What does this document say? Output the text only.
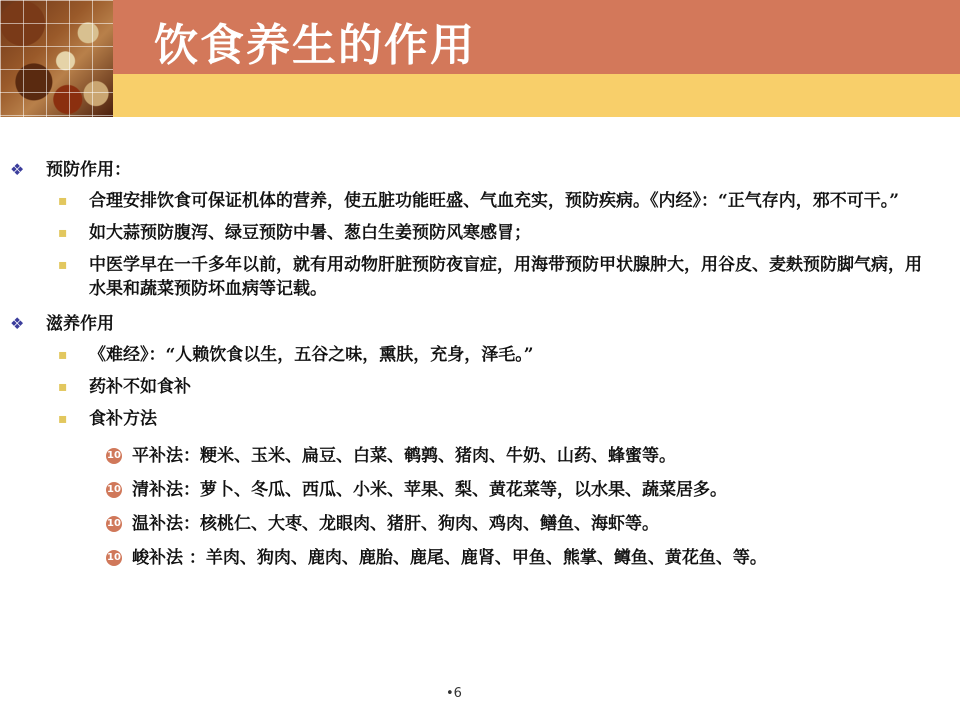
饮食养生的作用
❖ 预防作用：
▪ 合理安排饮食可保证机体的营养，使五脏功能旺盛、气血充实，预防疾病。《内经》：“正气存内，邪不可干。”
▪ 如大蒜预防腹泻、绿豆预防中暑、葱白生姜预防风寒感冒；
▪ 中医学早在一千多年以前，就有用动物肝脏预防夜盲症，用海带预防甲状腺肿大，用谷皮、麦麸预防脚气病，用水果和蔬菜预防坏血病等记载。
❖ 滋养作用
▪ 《难经》：“人赖饮食以生，五谷之味，熏肤，充身，泽毛。”
▪ 药补不如食补
▪ 食补方法
10 平补法：粳米、玉米、扁豆、白菜、鹌鹑、猪肉、牛奶、山药、蜂蜜等。
10 清补法：萝卜、冬瓜、西瓜、小米、苹果、梨、黄花菜等，以水果、蔬菜居多。
10 温补法：核桃仁、大枣、龙眼肉、猪肝、狗肉、鸡肉、鳝鱼、海虾等。
10 峻补法 ：羊肉、狗肉、鹿肉、鹿胎、鹿尾、鹿肾、甲鱼、熊掌、鳟鱼、黄花鱼、等。
•6
